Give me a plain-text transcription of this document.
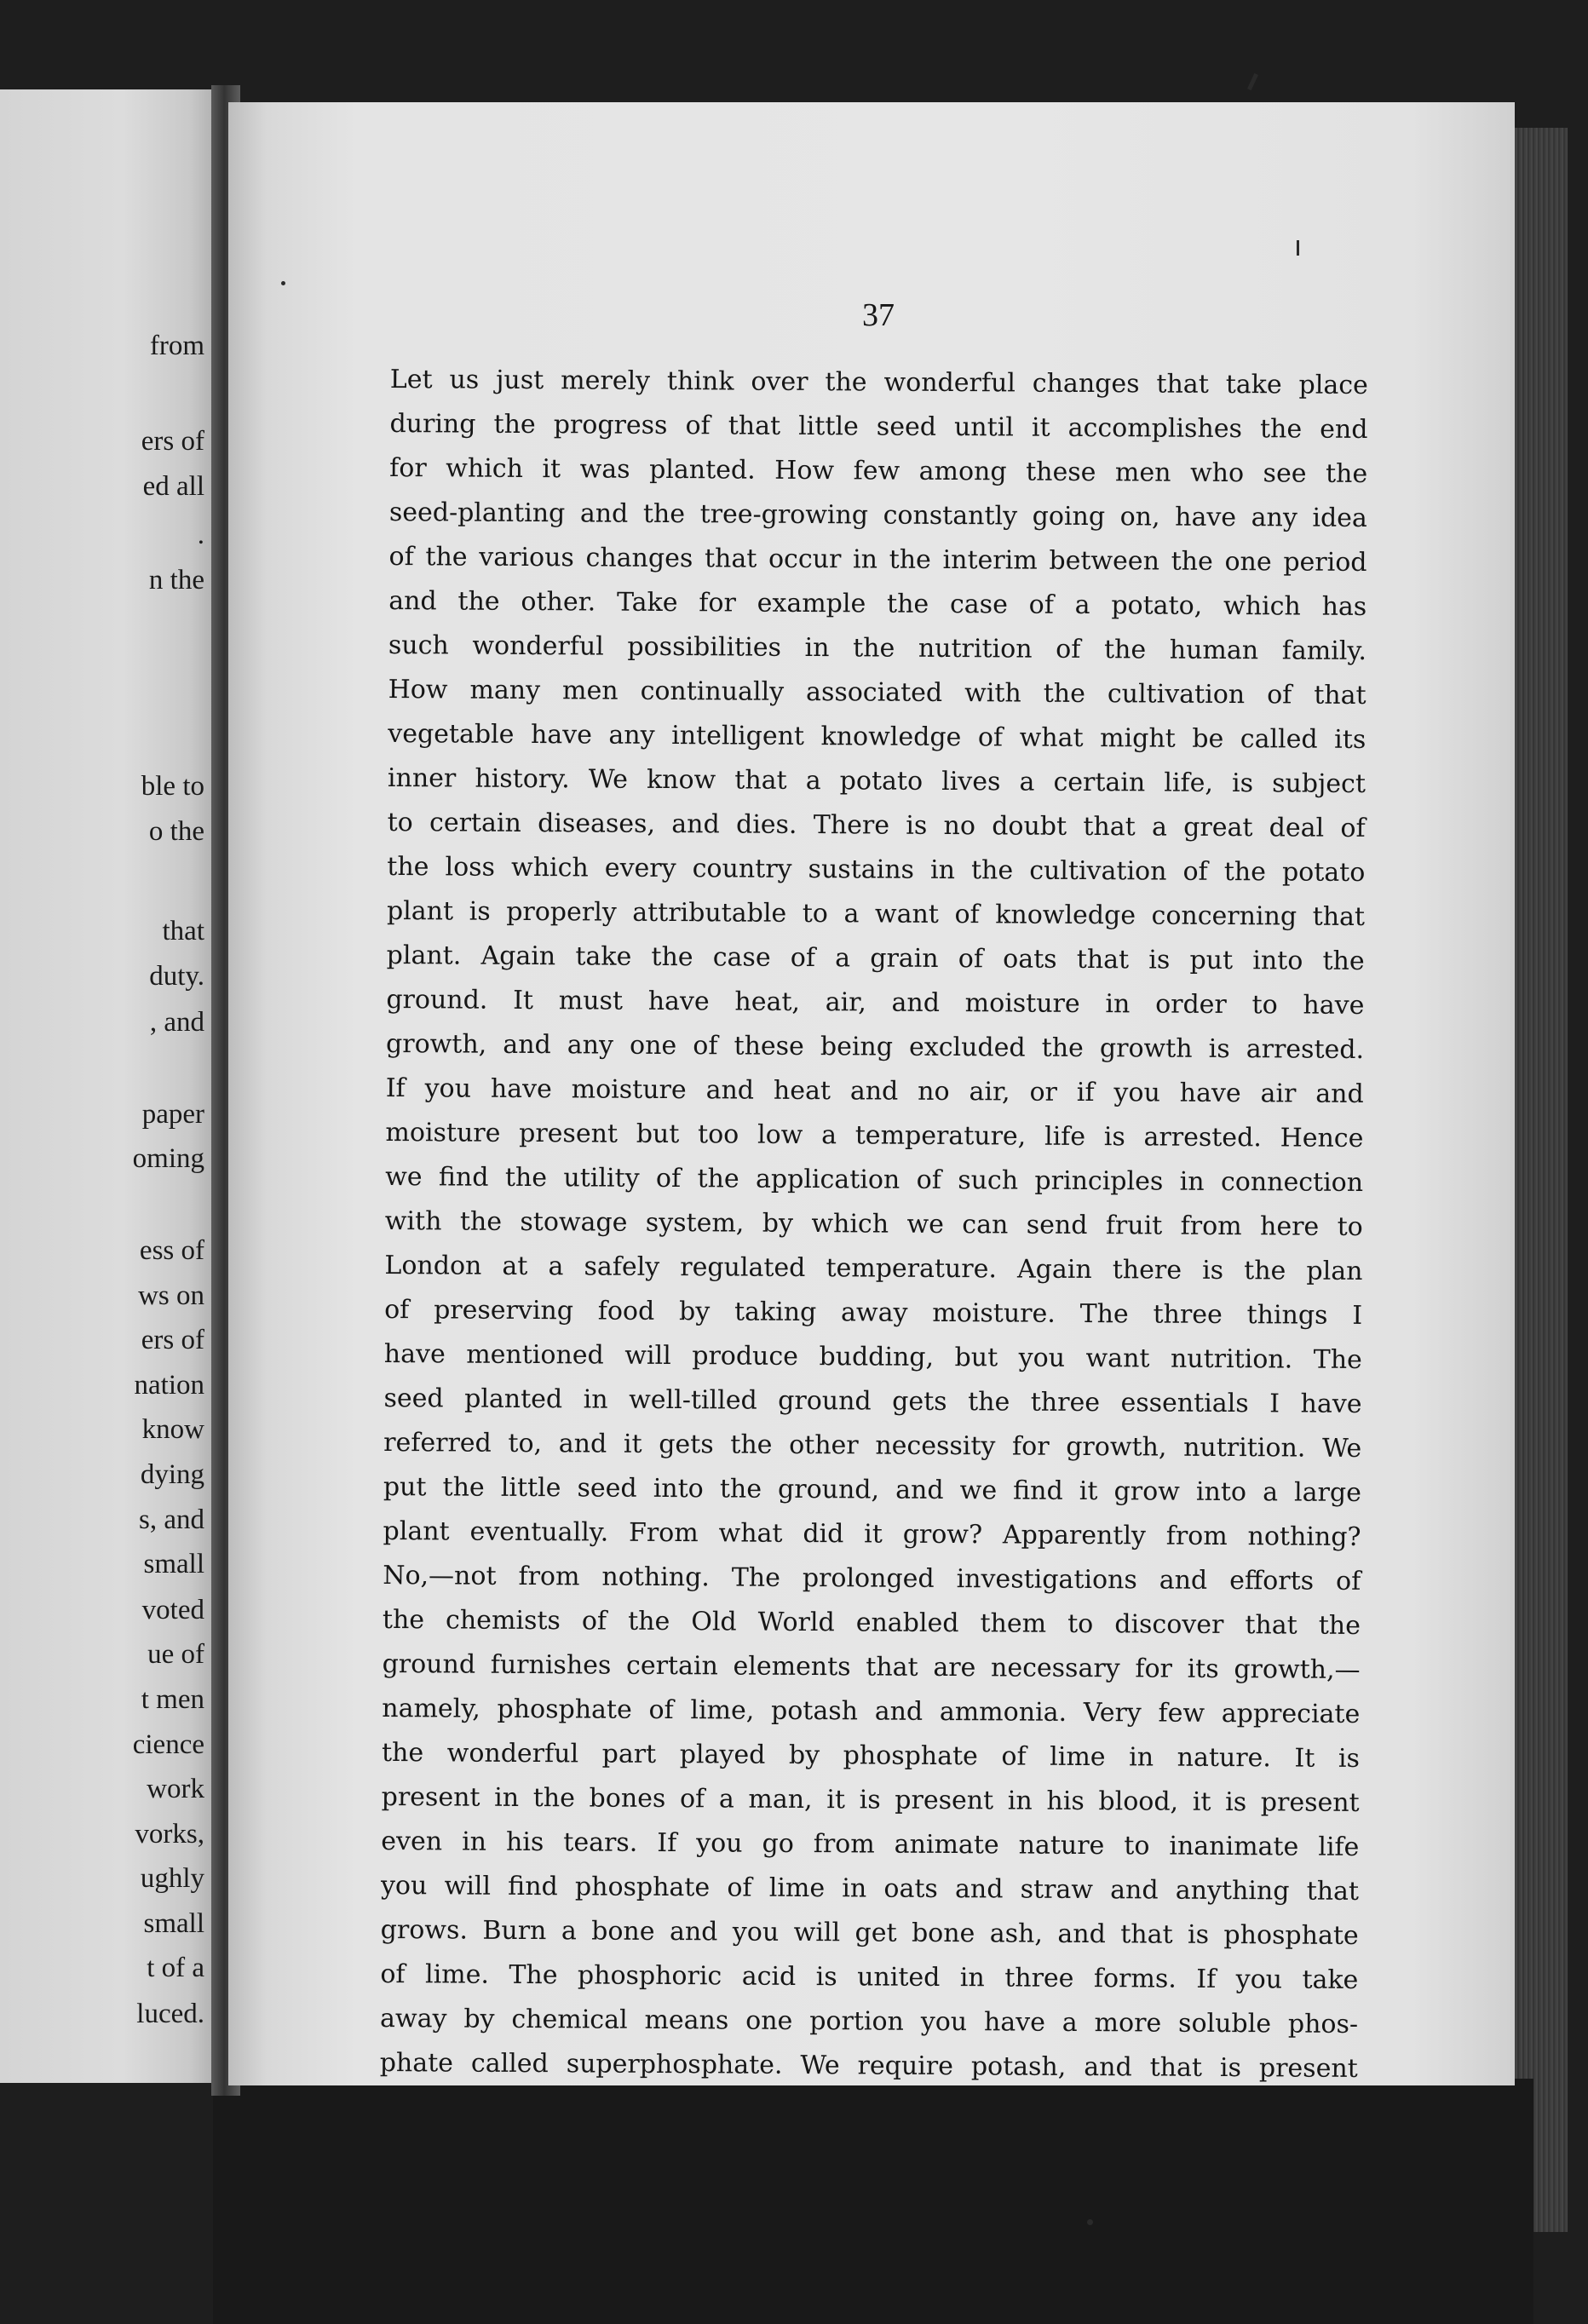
from
ers of
ed all
.
n the
ble to
o the
that
duty.
, and
paper
oming
ess of
ws on
ers of
nation
know
dying
s, and
small
voted
ue of
t men
cience
work
vorks,
ughly
small
t of a
luced.
37
Let us just merely think over the wonderful changes that take place
during the progress of that little seed until it accomplishes the end
for which it was planted. How few among these men who see the
seed-planting and the tree-growing constantly going on, have any idea
of the various changes that occur in the interim between the one period
and the other. Take for example the case of a potato, which has
such wonderful possibilities in the nutrition of the human family.
How many men continually associated with the cultivation of that
vegetable have any intelligent knowledge of what might be called its
inner history. We know that a potato lives a certain life, is subject
to certain diseases, and dies. There is no doubt that a great deal of
the loss which every country sustains in the cultivation of the potato
plant is properly attributable to a want of knowledge concerning that
plant. Again take the case of a grain of oats that is put into the
ground. It must have heat, air, and moisture in order to have
growth, and any one of these being excluded the growth is arrested.
If you have moisture and heat and no air, or if you have air and
moisture present but too low a temperature, life is arrested. Hence
we find the utility of the application of such principles in connection
with the stowage system, by which we can send fruit from here to
London at a safely regulated temperature. Again there is the plan
of preserving food by taking away moisture. The three things I
have mentioned will produce budding, but you want nutrition. The
seed planted in well-tilled ground gets the three essentials I have
referred to, and it gets the other necessity for growth, nutrition. We
put the little seed into the ground, and we find it grow into a large
plant eventually. From what did it grow? Apparently from nothing?
No,—not from nothing. The prolonged investigations and efforts of
the chemists of the Old World enabled them to discover that the
ground furnishes certain elements that are necessary for its growth,—
namely, phosphate of lime, potash and ammonia. Very few appreciate
the wonderful part played by phosphate of lime in nature. It is
present in the bones of a man, it is present in his blood, it is present
even in his tears. If you go from animate nature to inanimate life
you will find phosphate of lime in oats and straw and anything that
grows. Burn a bone and you will get bone ash, and that is phosphate
of lime. The phosphoric acid is united in three forms. If you take
away by chemical means one portion you have a more soluble phos-
phate called superphosphate. We require potash, and that is present
